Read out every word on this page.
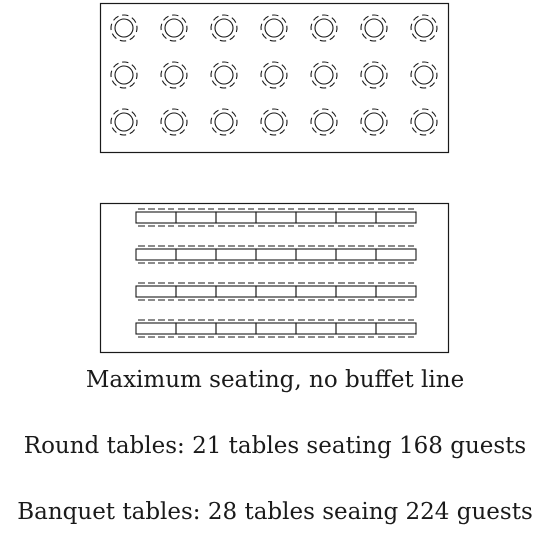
Maximum seating, no buffet line
Round tables: 21 tables seating 168 guests
Banquet tables: 28 tables seaing 224 guests
